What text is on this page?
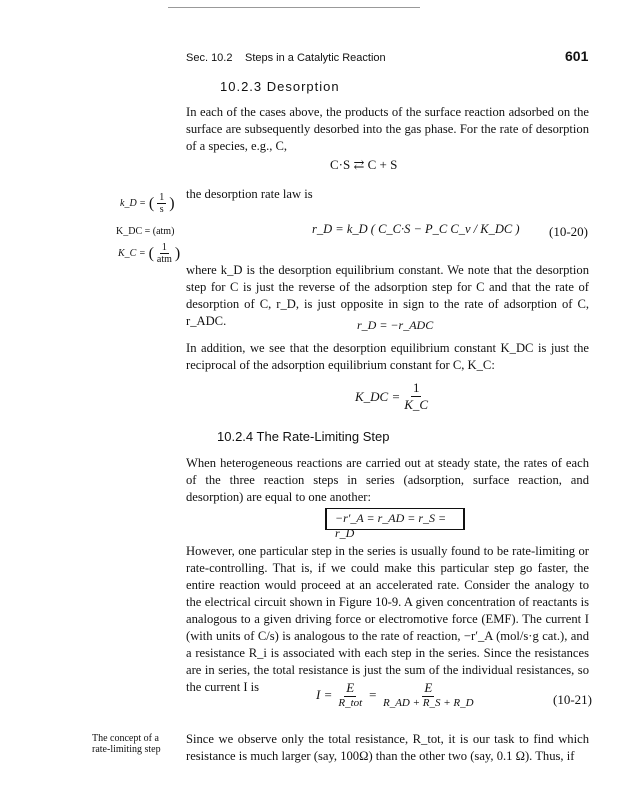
Sec. 10.2 Steps in a Catalytic Reaction	601
10.2.3 Desorption
In each of the cases above, the products of the surface reaction adsorbed on the surface are subsequently desorbed into the gas phase. For the rate of desorption of a species, e.g., C,
C·S ⇄ C + S
the desorption rate law is
k_D = ( $\frac{1}{s}$ )
K_DC = (atm)
K_C = ( $\frac{1}{\text{atm}}$ )
r_D = k_D ( C_C·S − P_C C_v / K_DC ) (10-20)
where k_D is the desorption equilibrium constant. We note that the desorption step for C is just the reverse of the adsorption step for C and that the rate of desorption of C, r_D, is just opposite in sign to the rate of adsorption of C, r_ADC.	r_D = −r_ADC
In addition, we see that the desorption equilibrium constant K_DC is just the reciprocal of the adsorption equilibrium constant for C, K_C:
K_DC = $\frac{1}{K\_C}$
10.2.4 The Rate-Limiting Step
When heterogeneous reactions are carried out at steady state, the rates of each of the three reaction steps in series (adsorption, surface reaction, and desorption) are equal to one another:
−r′_A = r_AD = r_S = r_D
However, one particular step in the series is usually found to be rate-limiting or rate-controlling. That is, if we could make this particular step go faster, the entire reaction would proceed at an accelerated rate. Consider the analogy to the electrical circuit shown in Figure 10-9. A given concentration of reactants is analogous to a given driving force or electromotive force (EMF). The current I (with units of C/s) is analogous to the rate of reaction, −r′_A (mol/s·g cat.), and a resistance R_i is associated with each step in the series. Since the resistances are in series, the total resistance is just the sum of the individual resistances, so the current I is	$I = \frac{E}{\text{R\_tot}} = \frac{E}{R\_AD + R\_S + R\_D}$	(10-21)
The concept of a
rate-limiting step
Since we observe only the total resistance, R_tot, it is our task to find which resistance is much larger (say, 100Ω) than the other two (say, 0.1 Ω). Thus, if
